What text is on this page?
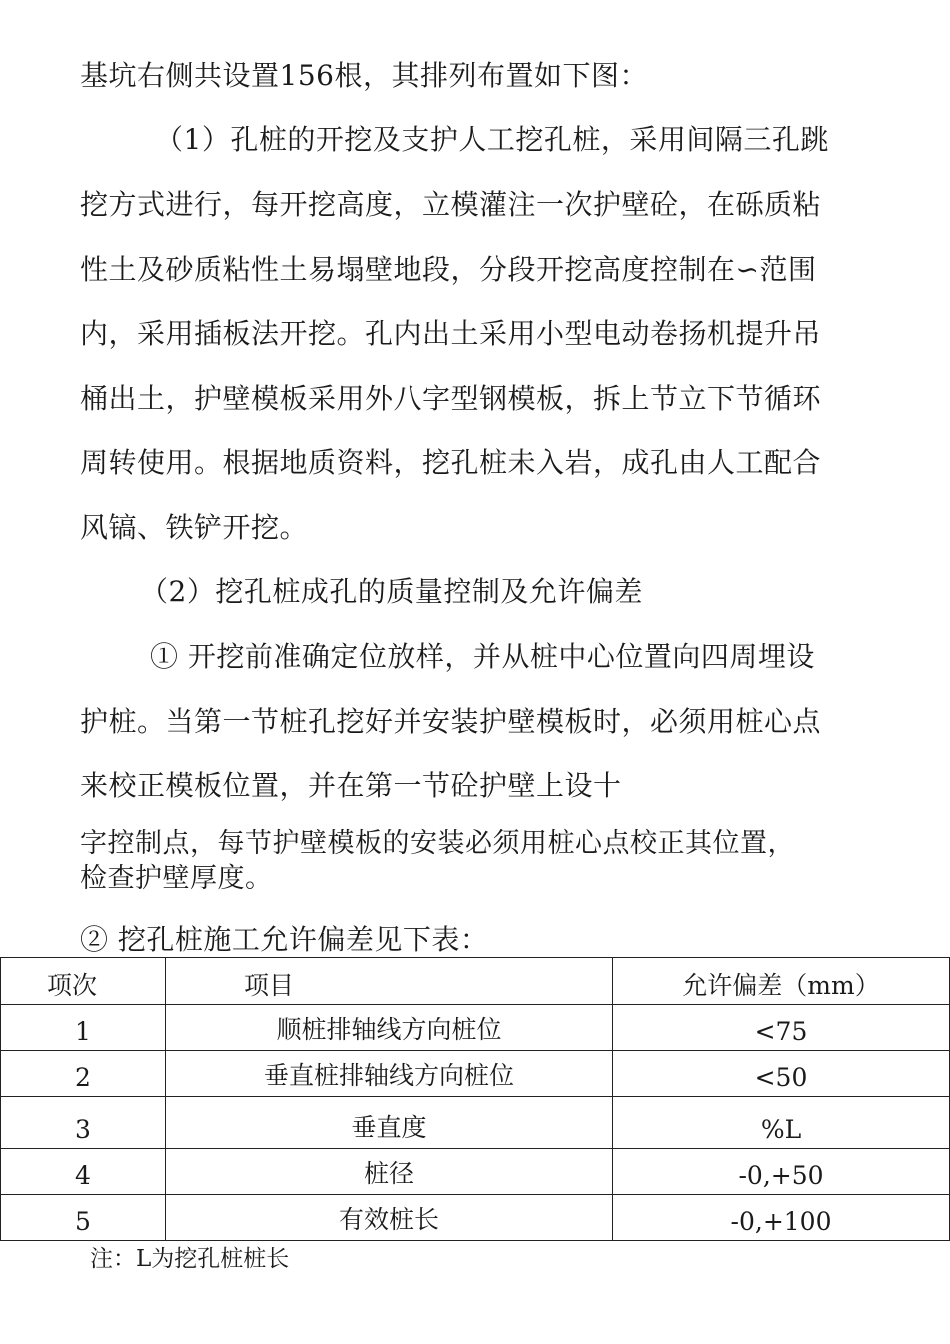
基坑右侧共设置156根，其排列布置如下图：
（1）孔桩的开挖及支护人工挖孔桩，采用间隔三孔跳
挖方式进行，每开挖高度，立模灌注一次护壁砼，在砾质粘
性土及砂质粘性土易塌壁地段，分段开挖高度控制在∽范围
内，采用插板法开挖。孔内出土采用小型电动卷扬机提升吊
桶出土，护壁模板采用外八字型钢模板，拆上节立下节循环
周转使用。根据地质资料，挖孔桩未入岩，成孔由人工配合
风镐、铁铲开挖。
（2）挖孔桩成孔的质量控制及允许偏差
① 开挖前准确定位放样，并从桩中心位置向四周埋设
护桩。当第一节桩孔挖好并安装护壁模板时，必须用桩心点
来校正模板位置，并在第一节砼护壁上设十
字控制点，每节护壁模板的安装必须用桩心点校正其位置，
检查护壁厚度。
② 挖孔桩施工允许偏差见下表：
项次	项目	允许偏差（mm）
1	顺桩排轴线方向桩位	<75
2	垂直桩排轴线方向桩位	<50
3	垂直度	%L
4	桩径	-0,+50
5	有效桩长	-0,+100
注：L为挖孔桩桩长
